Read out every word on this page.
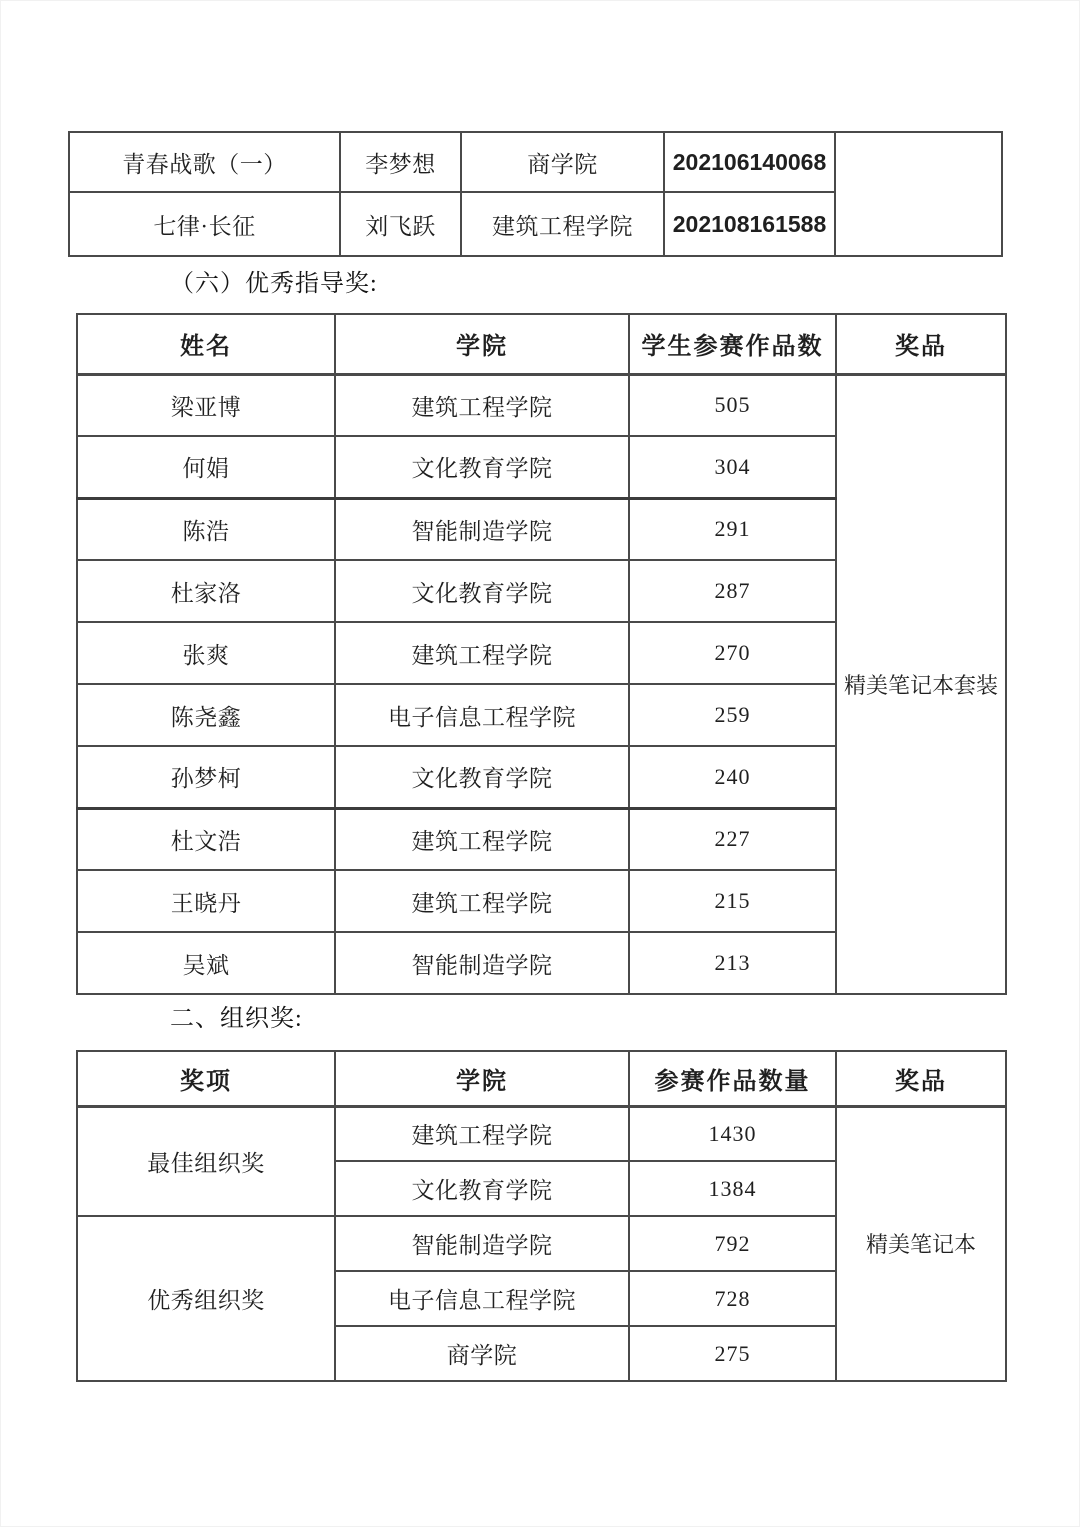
青春战歌（一）	李梦想	商学院	202106140068	
七律·长征	刘飞跃	建筑工程学院	202108161588	
（六）优秀指导奖:
姓名	学院	学生参赛作品数	奖品
梁亚博	建筑工程学院	505	精美笔记本套装
何娟	文化教育学院	304	
陈浩	智能制造学院	291	
杜家洛	文化教育学院	287	
张爽	建筑工程学院	270	
陈尧鑫	电子信息工程学院	259	
孙梦柯	文化教育学院	240	
杜文浩	建筑工程学院	227	
王晓丹	建筑工程学院	215	
吴斌	智能制造学院	213	
二、组织奖:
奖项	学院	参赛作品数量	奖品
最佳组织奖	建筑工程学院	1430	精美笔记本
	文化教育学院	1384	
优秀组织奖	智能制造学院	792	
	电子信息工程学院	728	
	商学院	275	
